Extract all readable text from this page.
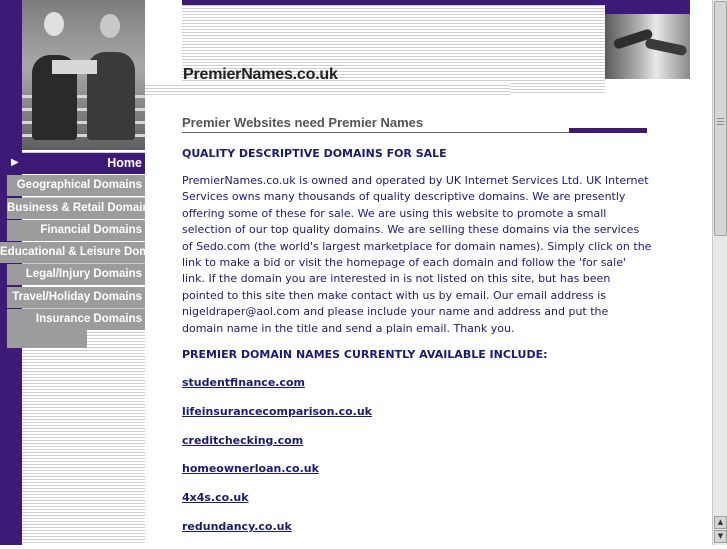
▶	Home
Geographical Domains
Business & Retail Domains
Financial Domains
Educational & Leisure Domains
Legal/Injury Domains
Travel/Holiday Domains
Insurance Domains
PremierNames.co.uk
Premier Websites need Premier Names
QUALITY DESCRIPTIVE DOMAINS FOR SALE

PremierNames.co.uk is owned and operated by UK Internet Services Ltd. UK Internet Services owns many thousands of quality descriptive domains. We are presently offering some of these for sale. We are using this website to promote a small selection of our top quality domains. We are selling these domains via the services of Sedo.com (the world's largest marketplace for domain names). Simply click on the link to make a bid or visit the homepage of each domain and follow the 'for sale' link. If the domain you are interested in is not listed on this site, but has been pointed to this site then make contact with us by email. Our email address is nigeldraper@aol.com and please include your name and address and put the domain name in the title and send a plain email. Thank you.

PREMIER DOMAIN NAMES CURRENTLY AVAILABLE INCLUDE:
studentfinance.com
lifeinsurancecomparison.co.uk
creditchecking.com
homeownerloan.co.uk
4x4s.co.uk
redundancy.co.uk	▲
▼
